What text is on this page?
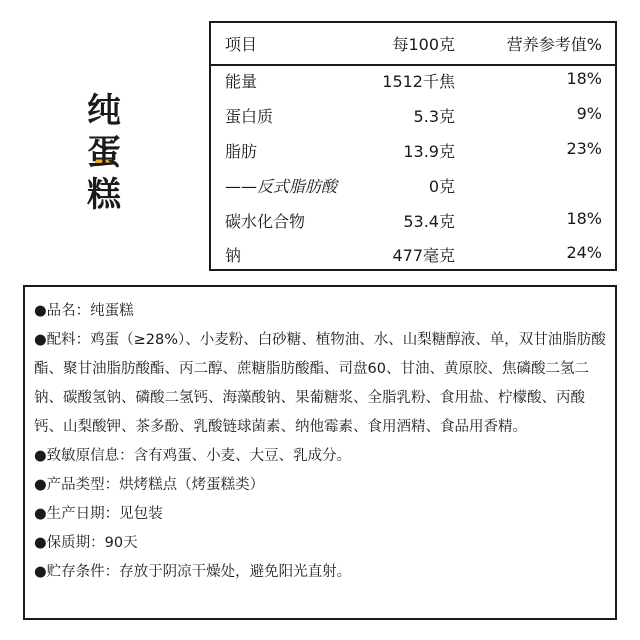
纯
蛋
糕
项目	每100克	营养参考值%
能量	1512千焦	18%
蛋白质	5.3克	9%
脂肪	13.9克	23%
——反式脂肪酸	0克
碳水化合物	53.4克	18%
钠	477毫克	24%
●品名：纯蛋糕
●配料：鸡蛋（≥28%）、小麦粉、白砂糖、植物油、水、山梨糖醇液、单，双甘油脂肪酸酯、聚甘油脂肪酸酯、丙二醇、蔗糖脂肪酸酯、司盘60、甘油、黄原胶、焦磷酸二氢二钠、碳酸氢钠、磷酸二氢钙、海藻酸钠、果葡糖浆、全脂乳粉、食用盐、柠檬酸、丙酸钙、山梨酸钾、茶多酚、乳酸链球菌素、纳他霉素、食用酒精、食品用香精。
●致敏原信息：含有鸡蛋、小麦、大豆、乳成分。
●产品类型：烘烤糕点（烤蛋糕类）
●生产日期：见包装
●保质期：90天
●贮存条件：存放于阴凉干燥处，避免阳光直射。
